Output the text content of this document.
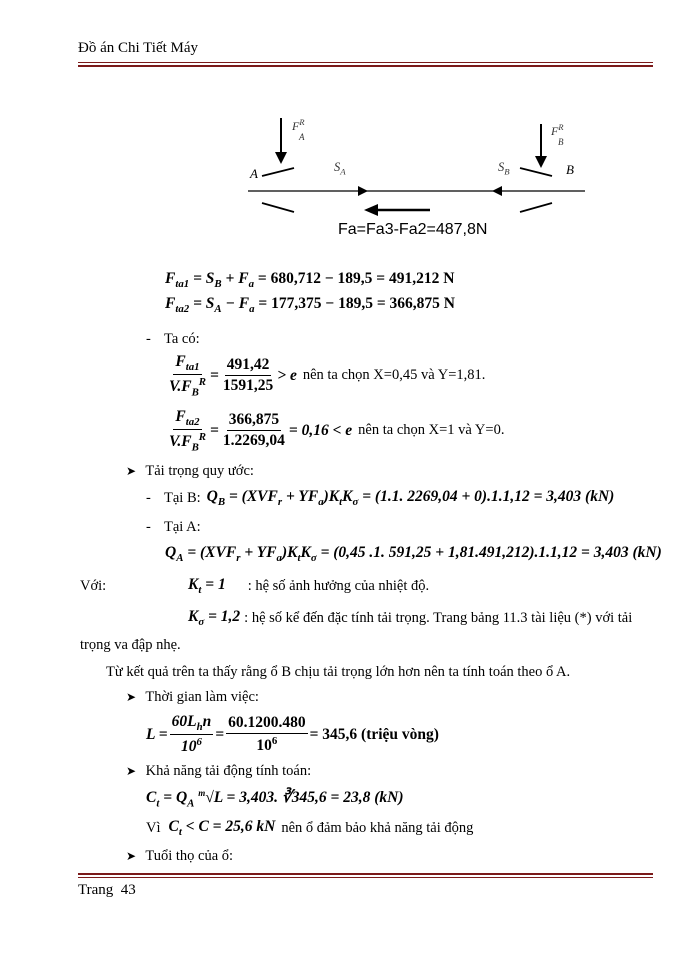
Đồ án Chi Tiết Máy
A	B
$S_A$	$S_B$
$F^R$
A	$F^R$
B
Fa=Fa3-Fa2=487,8N
$F_{ta1} = S_B + F_a = 680,712 - 189,5 = 491,212$ N
$F_{ta2} = S_A - F_a = 177,375 - 189,5 = 366,875$ N
- Ta có:
$\frac{F_{ta1}}{V.F_B^R} = \frac{491,42}{1591,25} > e$ nên ta chọn X=0,45 và Y=1,81.
$\frac{F_{ta2}}{V.F_B^R} = \frac{366,875}{1.2269,04} = 0,16 < e$ nên ta chọn X=1 và Y=0.
➤ Tải trọng quy ước:
- Tại B: $Q_B = (XVF_r + YF_a)K_tK_\sigma = (1.1$. 2269,04 + 0).1.1,12 = 3,403 (kN)
- Tại A:
$Q_A = (XVF_r + YF_a)K_tK_\sigma = (0,45$ .1. 591,25 + 1,81.491,212).1.1,12 = 3,403 (kN)
Với:	$K_t = 1$ : hệ số ảnh hưởng của nhiệt độ.
$K_\sigma = 1,2$ : hệ số kể đến đặc tính tải trọng. Trang bảng 11.3 tài liệu (*) với tải
trọng va đập nhẹ.
Từ kết quả trên ta thấy rằng ổ B chịu tải trọng lớn hơn nên ta tính toán theo ổ A.
➤ Thời gian làm việc:
$L = \frac{60L_hn}{10^6} = \frac{60.1200.480}{10^6} = 345,6$ (triệu vòng)
➤ Khả năng tải động tính toán:
$C_t = Q_A$ $^m$√L = 3,403. ∛345,6 = 23,8 (kN)
Vì $C_t < C = 25,6$ kN nên ổ đảm bảo khả năng tải động
➤ Tuổi thọ của ổ:
Trang 43
